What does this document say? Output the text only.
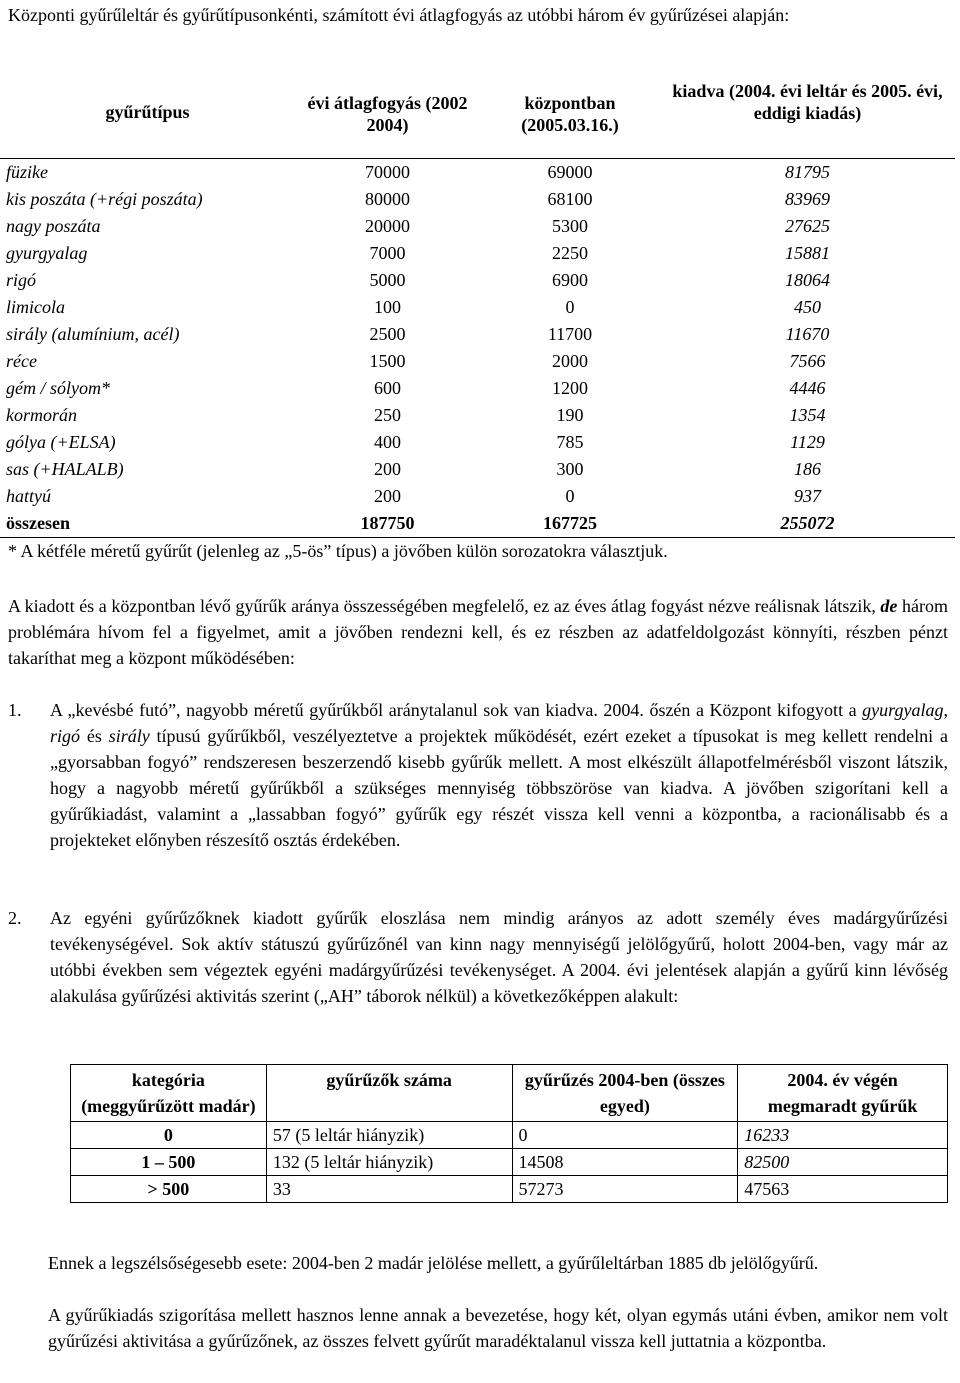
Központi gyűrűleltár és gyűrűtípusonkénti, számított évi átlagfogyás az utóbbi három év gyűrűzései alapján:
gyűrűtípus	évi átlagfogyás (2002 2004)	központban (2005.03.16.)	kiadva (2004. évi leltár és 2005. évi, eddigi kiadás)
füzike	70000	69000	81795
kis poszáta (+régi poszáta)	80000	68100	83969
nagy poszáta	20000	5300	27625
gyurgyalag	7000	2250	15881
rigó	5000	6900	18064
limicola	100	0	450
sirály (alumínium, acél)	2500	11700	11670
réce	1500	2000	7566
gém / sólyom*	600	1200	4446
kormorán	250	190	1354
gólya (+ELSA)	400	785	1129
sas (+HALALB)	200	300	186
hattyú	200	0	937
összesen	187750	167725	255072
* A kétféle méretű gyűrűt (jelenleg az „5-ös” típus) a jövőben külön sorozatokra választjuk.
A kiadott és a központban lévő gyűrűk aránya összességében megfelelő, ez az éves átlag fogyást nézve reálisnak látszik, de három problémára hívom fel a figyelmet, amit a jövőben rendezni kell, és ez részben az adatfeldolgozást könnyíti, részben pénzt takaríthat meg a központ működésében:
1. A „kevésbé futó”, nagyobb méretű gyűrűkből aránytalanul sok van kiadva. 2004. őszén a Központ kifogyott a gyurgyalag, rigó és sirály típusú gyűrűkből, veszélyeztetve a projektek működését, ezért ezeket a típusokat is meg kellett rendelni a „gyorsabban fogyó” rendszeresen beszerzendő kisebb gyűrűk mellett. A most elkészült állapotfelmérésből viszont látszik, hogy a nagyobb méretű gyűrűkből a szükséges mennyiség többszöröse van kiadva. A jövőben szigorítani kell a gyűrűkiadást, valamint a „lassabban fogyó” gyűrűk egy részét vissza kell venni a központba, a racionálisabb és a projekteket előnyben részesítő osztás érdekében.
2. Az egyéni gyűrűzőknek kiadott gyűrűk eloszlása nem mindig arányos az adott személy éves madárgyűrűzési tevékenységével. Sok aktív státuszú gyűrűzőnél van kinn nagy mennyiségű jelölőgyűrű, holott 2004-ben, vagy már az utóbbi években sem végeztek egyéni madárgyűrűzési tevékenységet. A 2004. évi jelentések alapján a gyűrű kinn lévőség alakulása gyűrűzési aktivitás szerint („AH” táborok nélkül) a következőképpen alakult:
kategória (meggyűrűzött madár)	gyűrűzők száma	gyűrűzés 2004-ben (összes egyed)	2004. év végén megmaradt gyűrűk
0	57 (5 leltár hiányzik)	0	16233
1 – 500	132 (5 leltár hiányzik)	14508	82500
> 500	33	57273	47563
Ennek a legszélsőségesebb esete: 2004-ben 2 madár jelölése mellett, a gyűrűleltárban 1885 db jelölőgyűrű.
A gyűrűkiadás szigorítása mellett hasznos lenne annak a bevezetése, hogy két, olyan egymás utáni évben, amikor nem volt gyűrűzési aktivitása a gyűrűzőnek, az összes felvett gyűrűt maradéktalanul vissza kell juttatnia a központba.
